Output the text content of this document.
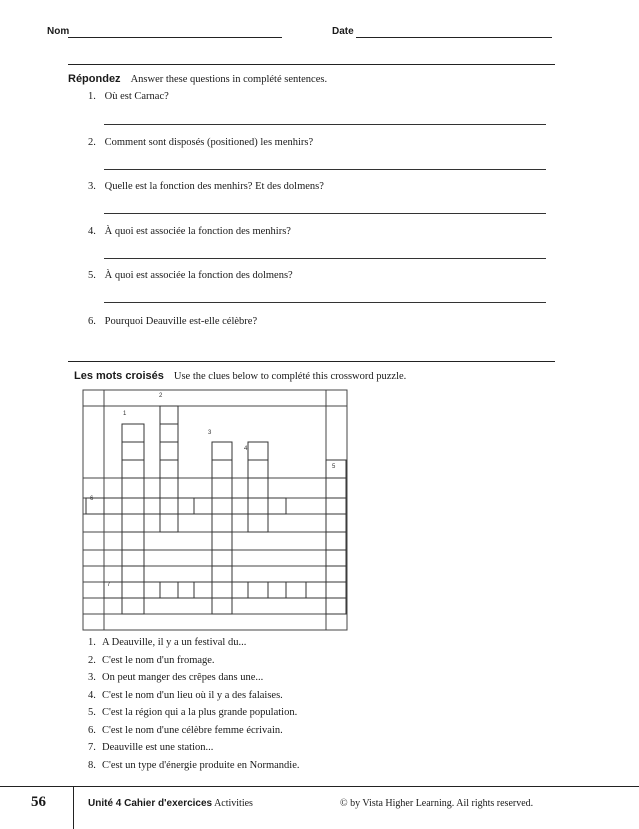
Nom	Date
Répondez Answer these questions in complété sentences.
1. Où est Carnac?
2. Comment sont disposés (positioned) les menhirs?
3. Quelle est la fonction des menhirs? Et des dolmens?
4. À quoi est associée la fonction des menhirs?
5. À quoi est associée la fonction des dolmens?
6. Pourquoi Deauville est-elle célèbre?
Les mots croisés Use the clues below to complété this crossword puzzle.
1
2
3
4
5
6
7
1. A Deauville, il y a un festival du...
2. C'est le nom d'un fromage.
3. On peut manger des crêpes dans une...
4. C'est le nom d'un lieu où il y a des falaises.
5. C'est la région qui a la plus grande population.
6. C'est le nom d'une célèbre femme écrivain.
7. Deauville est une station...
8. C'est un type d'énergie produite en Normandie.
56	Unité 4 Cahier d'exercices Activities	© by Vista Higher Learning. Ail rights reserved.
